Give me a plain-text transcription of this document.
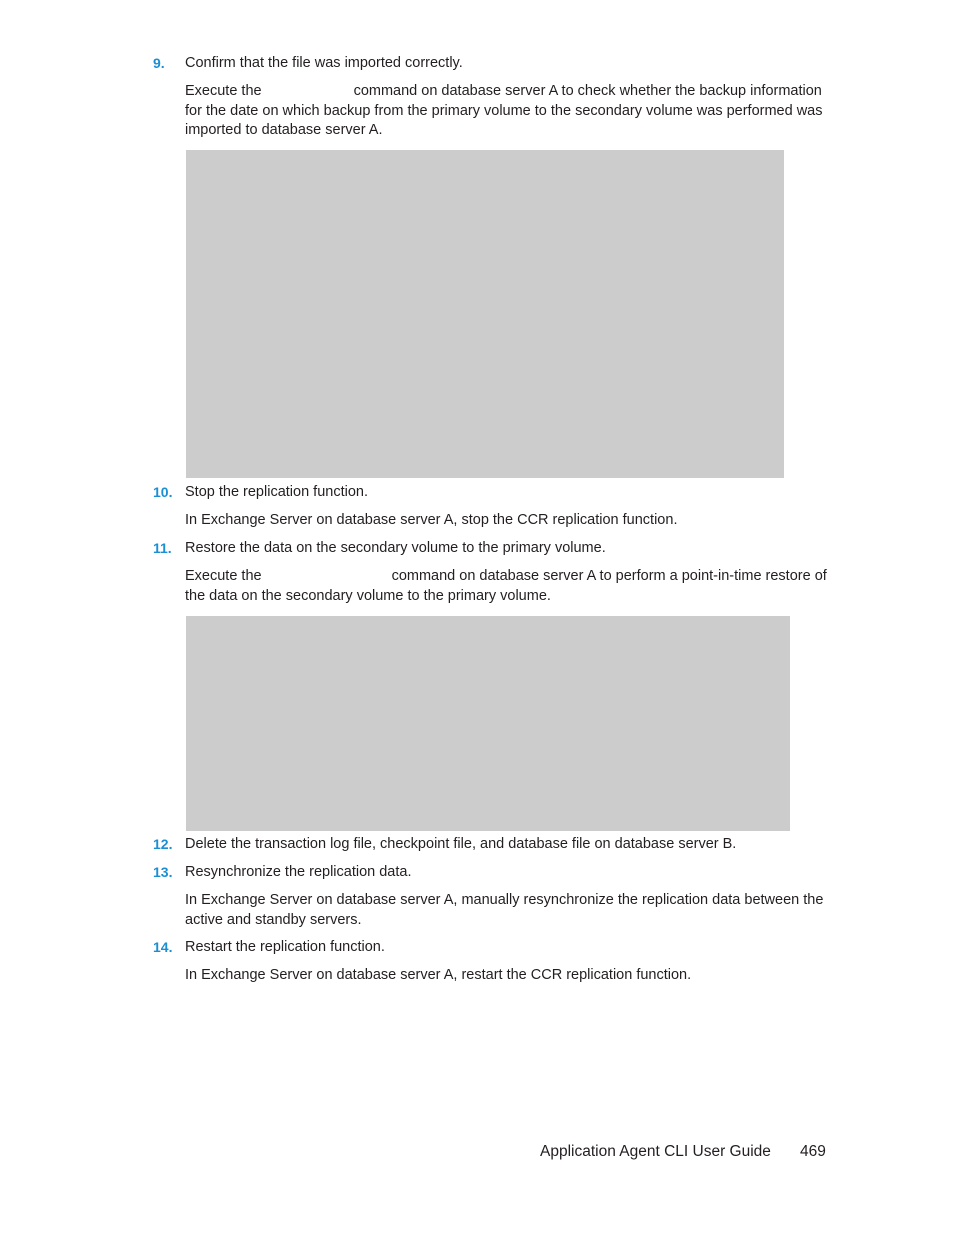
9. Confirm that the file was imported correctly.
Execute the	command on database server A to check whether the backup information for the date on which backup from the primary volume to the secondary volume was performed was imported to database server A.
10. Stop the replication function.
In Exchange Server on database server A, stop the CCR replication function.
11. Restore the data on the secondary volume to the primary volume.
Execute the	command on database server A to perform a point-in-time restore of the data on the secondary volume to the primary volume.
12. Delete the transaction log file, checkpoint file, and database file on database server B.
13. Resynchronize the replication data.
In Exchange Server on database server A, manually resynchronize the replication data between the active and standby servers.
14. Restart the replication function.
In Exchange Server on database server A, restart the CCR replication function.
Application Agent CLI User Guide 469
